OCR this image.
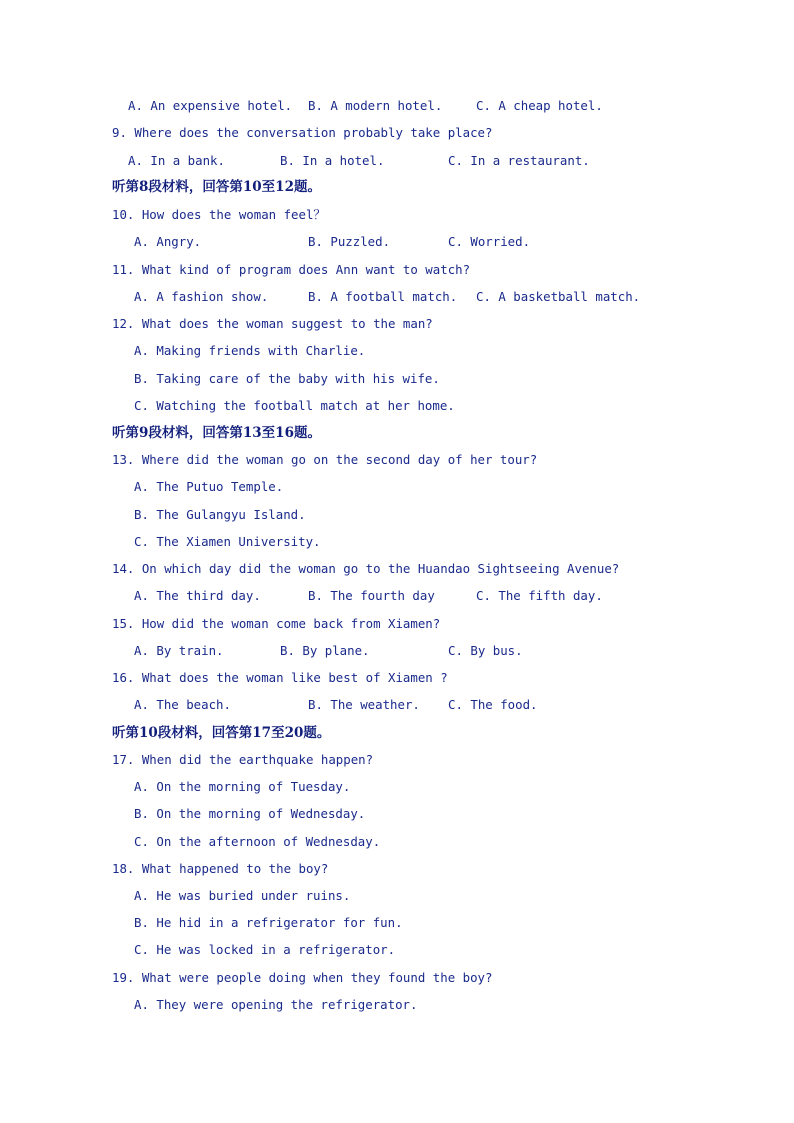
A. An expensive hotel. B. A modern hotel.	C. A cheap hotel.
9. Where does the conversation probably take place?
A. In a bank.	B. In a hotel.	C. In a restaurant.
听第8段材料，回答第10至12题。
10. How does the woman feel？
A. Angry.	B. Puzzled.	C. Worried.
11. What kind of program does Ann want to watch?
A. A fashion show.	B. A football match. C. A basketball match.
12. What does the woman suggest to the man?
A. Making friends with Charlie.
B. Taking care of the baby with his wife.
C. Watching the football match at her home.
听第9段材料，回答第13至16题。
13. Where did the woman go on the second day of her tour?
A. The Putuo Temple.
B. The Gulangyu Island.
C. The Xiamen University.
14. On which day did the woman go to the Huandao Sightseeing Avenue?
A. The third day.	B. The fourth day	C. The fifth day.
15. How did the woman come back from Xiamen?
A. By train.	B. By plane.	C. By bus.
16. What does the woman like best of Xiamen ?
A. The beach.	B. The weather. C. The food.
听第10段材料，回答第17至20题。
17. When did the earthquake happen?
A. On the morning of Tuesday.
B. On the morning of Wednesday.
C. On the afternoon of Wednesday.
18. What happened to the boy?
A. He was buried under ruins.
B. He hid in a refrigerator for fun.
C. He was locked in a refrigerator.
19. What were people doing when they found the boy?
A. They were opening the refrigerator.
